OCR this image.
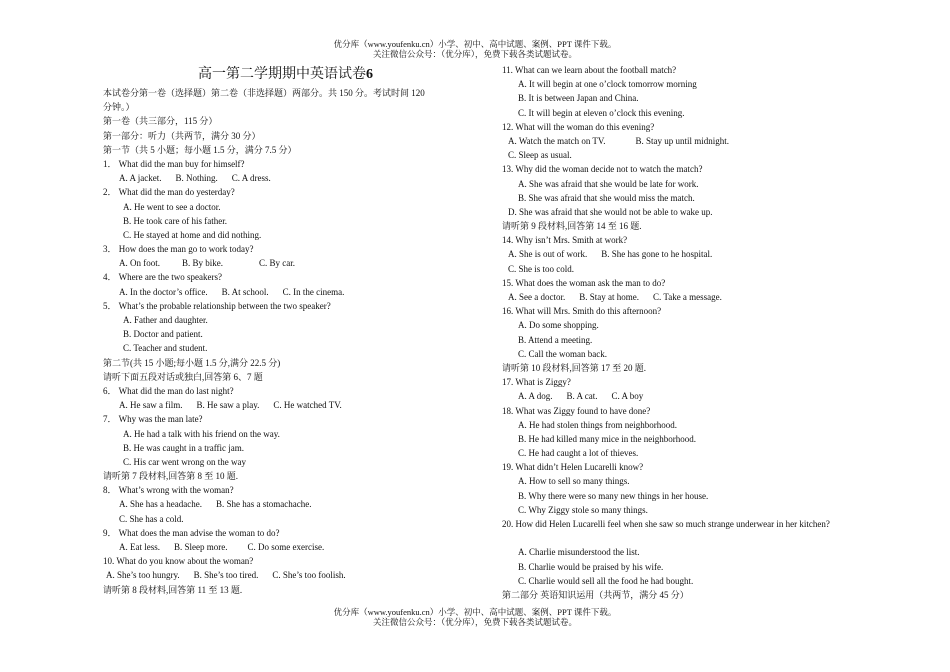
优分库（www.youfenku.cn）小学、初中、高中试题、案例、PPT 课件下载。
关注微信公众号：（优分库），免费下载各类试题试卷。
高一第二学期期中英语试卷6
本试卷分第一卷（选择题）第二卷（非选择题）两部分。共 150 分。考试时间 120
分钟。）
第一卷（共三部分，115 分）
第一部分：听力（共两节，满分 30 分）
第一节（共 5 小题；每小题 1.5 分，满分 7.5 分）
1． What did the man buy for himself?
A. A jacket. B. Nothing. C. A dress.
2． What did the man do yesterday?
A. He went to see a doctor.
B. He took care of his father.
C. He stayed at home and did nothing.
3． How does the man go to work today?
A. On foot. B. By bike.	C. By car.
4． Where are the two speakers?
A. In the doctor’s office. B. At school. C. In the cinema.
5． What’s the probable relationship between the two speaker?
A. Father and daughter.
B. Doctor and patient.
C. Teacher and student.
第二节(共 15 小题;每小题 1.5 分,满分 22.5 分)
请听下面五段对话或独白,回答第 6、7 题
6． What did the man do last night?
A. He saw a film. B. He saw a play. C. He watched TV.
7． Why was the man late?
A. He had a talk with his friend on the way.
B. He was caught in a traffic jam.
C. His car went wrong on the way
请听第 7 段材料,回答第 8 至 10 题.
8． What’s wrong with the woman?
A. She has a headache. B. She has a stomachache.
C. She has a cold.
9． What does the man advise the woman to do?
A. Eat less. B. Sleep more. C. Do some exercise.
10. What do you know about the woman?
A. She’s too hungry. B. She’s too tired. C. She’s too foolish.
请听第 8 段材料,回答第 11 至 13 题.
11. What can we learn about the football match?
A. It will begin at one o’clock tomorrow morning
B. It is between Japan and China.
C. It will begin at eleven o’clock this evening.
12. What will the woman do this evening?
A. Watch the match on TV.	B. Stay up until midnight.
C. Sleep as usual.
13. Why did the woman decide not to watch the match?
A. She was afraid that she would be late for work.
B. She was afraid that she would miss the match.
D. She was afraid that she would not be able to wake up.
请听第 9 段材料,回答第 14 至 16 题.
14. Why isn’t Mrs. Smith at work?
A. She is out of work. B. She has gone to he hospital.
C. She is too cold.
15. What does the woman ask the man to do?
A. See a doctor. B. Stay at home. C. Take a message.
16. What will Mrs. Smith do this afternoon?
A. Do some shopping.
B. Attend a meeting.
C. Call the woman back.
请听第 10 段材料,回答第 17 至 20 题.
17. What is Ziggy?
A. A dog. B. A cat. C. A boy
18. What was Ziggy found to have done?
A. He had stolen things from neighborhood.
B. He had killed many mice in the neighborhood.
C. He had caught a lot of thieves.
19. What didn’t Helen Lucarelli know?
A. How to sell so many things.
B. Why there were so many new things in her house.
C. Why Ziggy stole so many things.
20. How did Helen Lucarelli feel when she saw so much strange underwear in her kitchen?
A. Charlie misunderstood the list.
B. Charlie would be praised by his wife.
C. Charlie would sell all the food he had bought.
第二部分 英语知识运用（共两节，满分 45 分）
优分库（www.youfenku.cn）小学、初中、高中试题、案例、PPT 课件下载。
关注微信公众号：（优分库），免费下载各类试题试卷。
